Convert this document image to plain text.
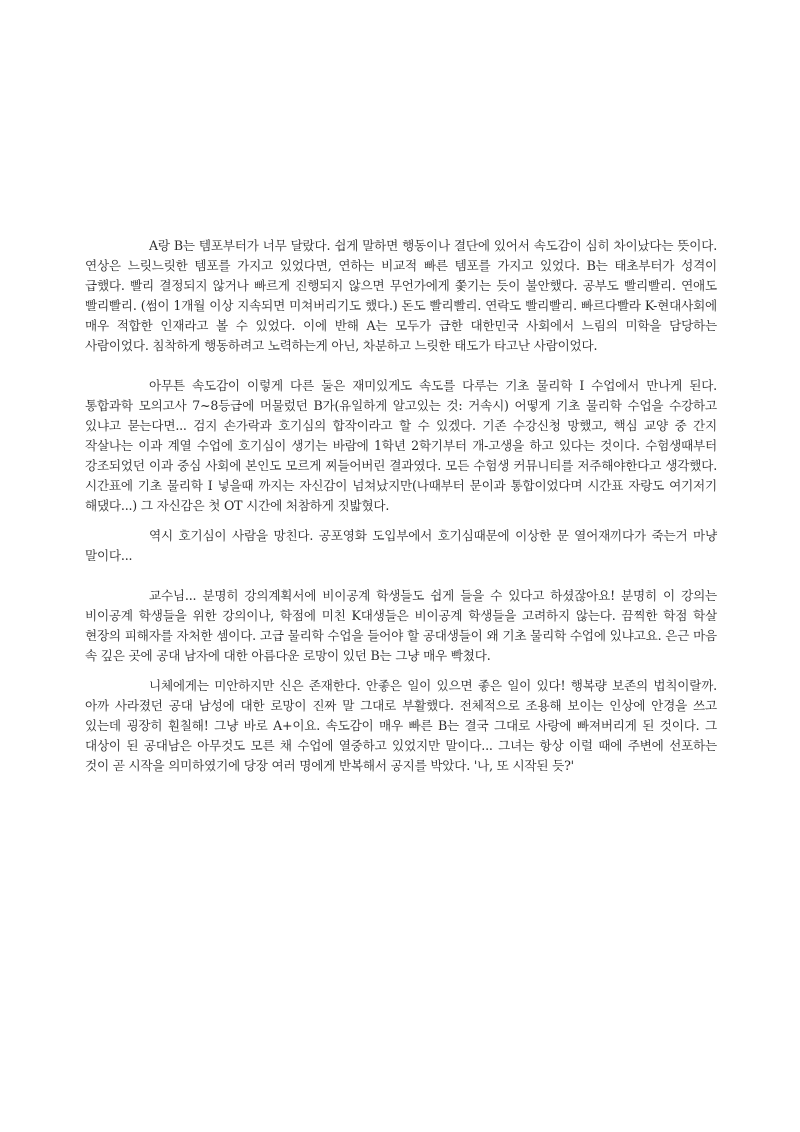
A랑 B는 템포부터가 너무 달랐다. 쉽게 말하면 행동이나 결단에 있어서 속도감이 심히 차이났다는 뜻이다. 연상은 느릿느릿한 템포를 가지고 있었다면, 연하는 비교적 빠른 템포를 가지고 있었다. B는 태초부터가 성격이 급했다. 빨리 결정되지 않거나 빠르게 진행되지 않으면 무언가에게 쫓기는 듯이 불안했다. 공부도 빨리빨리. 연애도 빨리빨리. (썸이 1개월 이상 지속되면 미쳐버리기도 했다.) 돈도 빨리빨리. 연락도 빨리빨리. 빠르다빨라 K-현대사회에 매우 적합한 인재라고 볼 수 있었다. 이에 반해 A는 모두가 급한 대한민국 사회에서 느림의 미학을 담당하는 사람이었다. 침착하게 행동하려고 노력하는게 아닌, 차분하고 느릿한 태도가 타고난 사람이었다.

아무튼 속도감이 이렇게 다른 둘은 재미있게도 속도를 다루는 기초 물리학 I 수업에서 만나게 된다. 통합과학 모의고사 7~8등급에 머물렀던 B가(유일하게 알고있는 것: 거속시) 어떻게 기초 물리학 수업을 수강하고 있냐고 묻는다면... 검지 손가락과 호기심의 합작이라고 할 수 있겠다. 기존 수강신청 망했고, 핵심 교양 중 간지 작살나는 이과 계열 수업에 호기심이 생기는 바람에 1학년 2학기부터 개-고생을 하고 있다는 것이다. 수험생때부터 강조되었던 이과 중심 사회에 본인도 모르게 찌들어버린 결과였다. 모든 수험생 커뮤니티를 저주해야한다고 생각했다. 시간표에 기초 물리학 I 넣을때 까지는 자신감이 넘쳐났지만(나때부터 문이과 통합이었다며 시간표 자랑도 여기저기 해댔다...) 그 자신감은 첫 OT 시간에 처참하게 짓밟혔다.

역시 호기심이 사람을 망친다. 공포영화 도입부에서 호기심때문에 이상한 문 열어재끼다가 죽는거 마냥 말이다...

교수님... 분명히 강의계획서에 비이공계 학생들도 쉽게 들을 수 있다고 하셨잖아요! 분명히 이 강의는 비이공계 학생들을 위한 강의이나, 학점에 미친 K대생들은 비이공계 학생들을 고려하지 않는다. 끔찍한 학점 학살 현장의 피해자를 자처한 셈이다. 고급 물리학 수업을 들어야 할 공대생들이 왜 기초 물리학 수업에 있냐고요. 은근 마음 속 깊은 곳에 공대 남자에 대한 아름다운 로망이 있던 B는 그냥 매우 빡쳤다.

니체에게는 미안하지만 신은 존재한다. 안좋은 일이 있으면 좋은 일이 있다! 행복량 보존의 법칙이랄까. 아까 사라졌던 공대 남성에 대한 로망이 진짜 말 그대로 부활했다. 전체적으로 조용해 보이는 인상에 안경을 쓰고 있는데 굉장히 훤칠해! 그냥 바로 A+이요. 속도감이 매우 빠른 B는 결국 그대로 사랑에 빠져버리게 된 것이다. 그 대상이 된 공대남은 아무것도 모른 채 수업에 열중하고 있었지만 말이다... 그녀는 항상 이럴 때에 주변에 선포하는 것이 곧 시작을 의미하였기에 당장 여러 명에게 반복해서 공지를 박았다. '나, 또 시작된 듯?'
